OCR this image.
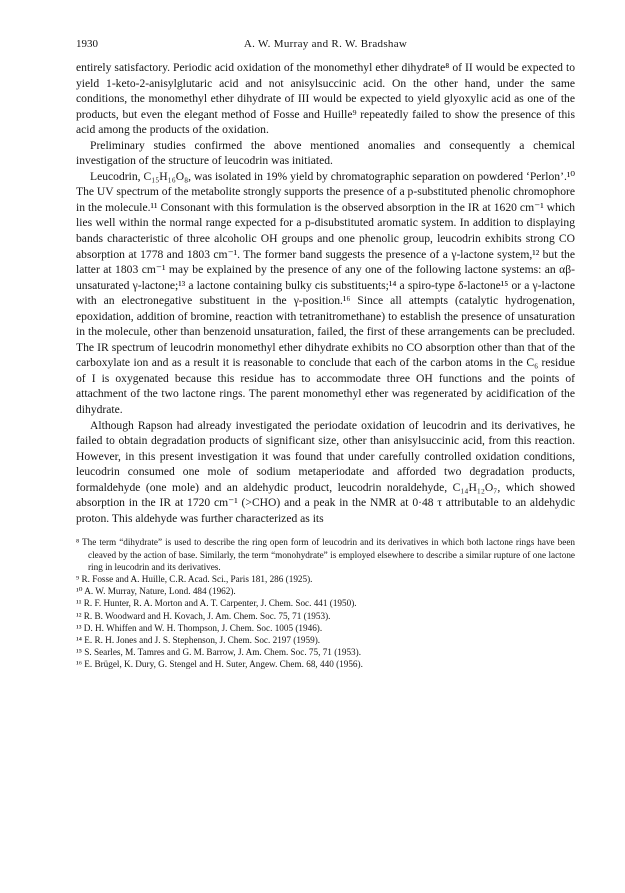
1930	A. W. Murray and R. W. Bradshaw

entirely satisfactory. Periodic acid oxidation of the monomethyl ether dihydrate⁸ of II would be expected to yield 1-keto-2-anisylglutaric acid and not anisylsuccinic acid. On the other hand, under the same conditions, the monomethyl ether dihydrate of III would be expected to yield glyoxylic acid as one of the products, but even the elegant method of Fosse and Huille⁹ repeatedly failed to show the presence of this acid among the products of the oxidation.

Preliminary studies confirmed the above mentioned anomalies and consequently a chemical investigation of the structure of leucodrin was initiated.

Leucodrin, C₁₅H₁₆O₈, was isolated in 19% yield by chromatographic separation on powdered ‘Perlon’.¹⁰ The UV spectrum of the metabolite strongly supports the presence of a p-substituted phenolic chromophore in the molecule.¹¹ Consonant with this formulation is the observed absorption in the IR at 1620 cm⁻¹ which lies well within the normal range expected for a p-disubstituted aromatic system. In addition to displaying bands characteristic of three alcoholic OH groups and one phenolic group, leucodrin exhibits strong CO absorption at 1778 and 1803 cm⁻¹. The former band suggests the presence of a γ-lactone system,¹² but the latter at 1803 cm⁻¹ may be explained by the presence of any one of the following lactone systems: an αβ-unsaturated γ-lactone;¹³ a lactone containing bulky cis substituents;¹⁴ a spiro-type δ-lactone¹⁵ or a γ-lactone with an electronegative substituent in the γ-position.¹⁶ Since all attempts (catalytic hydrogenation, epoxidation, addition of bromine, reaction with tetranitromethane) to establish the presence of unsaturation in the molecule, other than benzenoid unsaturation, failed, the first of these arrangements can be precluded. The IR spectrum of leucodrin monomethyl ether dihydrate exhibits no CO absorption other than that of the carboxylate ion and as a result it is reasonable to conclude that each of the carbon atoms in the C₆ residue of I is oxygenated because this residue has to accommodate three OH functions and the points of attachment of the two lactone rings. The parent monomethyl ether was regenerated by acidification of the dihydrate.

Although Rapson had already investigated the periodate oxidation of leucodrin and its derivatives, he failed to obtain degradation products of significant size, other than anisylsuccinic acid, from this reaction. However, in this present investigation it was found that under carefully controlled oxidation conditions, leucodrin consumed one mole of sodium metaperiodate and afforded two degradation products, formaldehyde (one mole) and an aldehydic product, leucodrin noraldehyde, C₁₄H₁₂O₇, which showed absorption in the IR at 1720 cm⁻¹ (>CHO) and a peak in the NMR at 0·48 τ attributable to an aldehydic proton. This aldehyde was further characterized as its

⁸ The term “dihydrate” is used to describe the ring open form of leucodrin and its derivatives in which both lactone rings have been cleaved by the action of base. Similarly, the term “monohydrate” is employed elsewhere to describe a similar rupture of one lactone ring in leucodrin and its derivatives.

⁹ R. Fosse and A. Huille, C.R. Acad. Sci., Paris 181, 286 (1925).

¹⁰ A. W. Murray, Nature, Lond. 484 (1962).

¹¹ R. F. Hunter, R. A. Morton and A. T. Carpenter, J. Chem. Soc. 441 (1950).

¹² R. B. Woodward and H. Kovach, J. Am. Chem. Soc. 75, 71 (1953).

¹³ D. H. Whiffen and W. H. Thompson, J. Chem. Soc. 1005 (1946).

¹⁴ E. R. H. Jones and J. S. Stephenson, J. Chem. Soc. 2197 (1959).

¹⁵ S. Searles, M. Tamres and G. M. Barrow, J. Am. Chem. Soc. 75, 71 (1953).

¹⁶ E. Brügel, K. Dury, G. Stengel and H. Suter, Angew. Chem. 68, 440 (1956).
